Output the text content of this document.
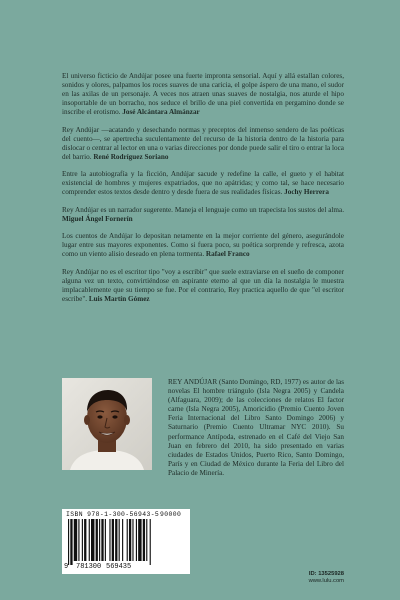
El universo ficticio de Andújar posee una fuerte impronta sensorial. Aquí y allá estallan colores, sonidos y olores, palpamos los roces suaves de una caricia, el golpe áspero de una mano, el sudor en las axilas de un personaje. A veces nos atraen unas suaves de nostalgia, nos aturde el hipo insoportable de un borracho, nos seduce el brillo de una piel convertida en pergamino donde se inscribe el erotismo. José Alcántara Almánzar

Rey Andújar —acatando y desechando normas y preceptos del inmenso sendero de las poéticas del cuento—, se apertrecha suculentamente del recurso de la historia dentro de la historia para dislocar o centrar al lector en una o varias direcciones por donde puede salir el tiro o entrar la loca del barrio. René Rodríguez Soriano

Entre la autobiografía y la ficción, Andújar sacude y redefine la calle, el gueto y el habitat existencial de hombres y mujeres expatriados, que no apátridas; y como tal, se hace necesario comprender estos textos desde dentro y desde fuera de sus realidades físicas. Jochy Herrera

Rey Andújar es un narrador sugerente. Maneja el lenguaje como un trapecista los sustos del alma. Miguel Ángel Fornerín

Los cuentos de Andújar lo depositan netamente en la mejor corriente del género, asegurándole lugar entre sus mayores exponentes. Como si fuera poco, su poética sorprende y refresca, azota como un viento alisio deseado en plena tormenta. Rafael Franco

Rey Andújar no es el escritor tipo "voy a escribir" que suele extraviarse en el sueño de componer alguna vez un texto, convirtiéndose en aspirante eterno al que un día la nostalgia le muestra implacablemente que su tiempo se fue. Por el contrario, Rey practica aquello de que "el escritor escribe". Luis Martín Gómez

REY ANDÚJAR (Santo Domingo, RD, 1977) es autor de las novelas El hombre triángulo (Isla Negra 2005) y Candela (Alfaguara, 2009); de las colecciones de relatos El factor carne (Isla Negra 2005), Amoricidio (Premio Cuento Joven Feria Internacional del Libro Santo Domingo 2006) y Saturnario (Premio Cuento Ultramar NYC 2010). Su performance Antípoda, estrenado en el Café del Viejo San Juan en febrero del 2010, ha sido presentado en varias ciudades de Estados Unidos, Puerto Rico, Santo Domingo, París y en Ciudad de México durante la Feria del Libro del Palacio de Minería.
ISBN 978-1-300-56943-5 90000
9 781300 569435
ID: 13525928
www.lulu.com
